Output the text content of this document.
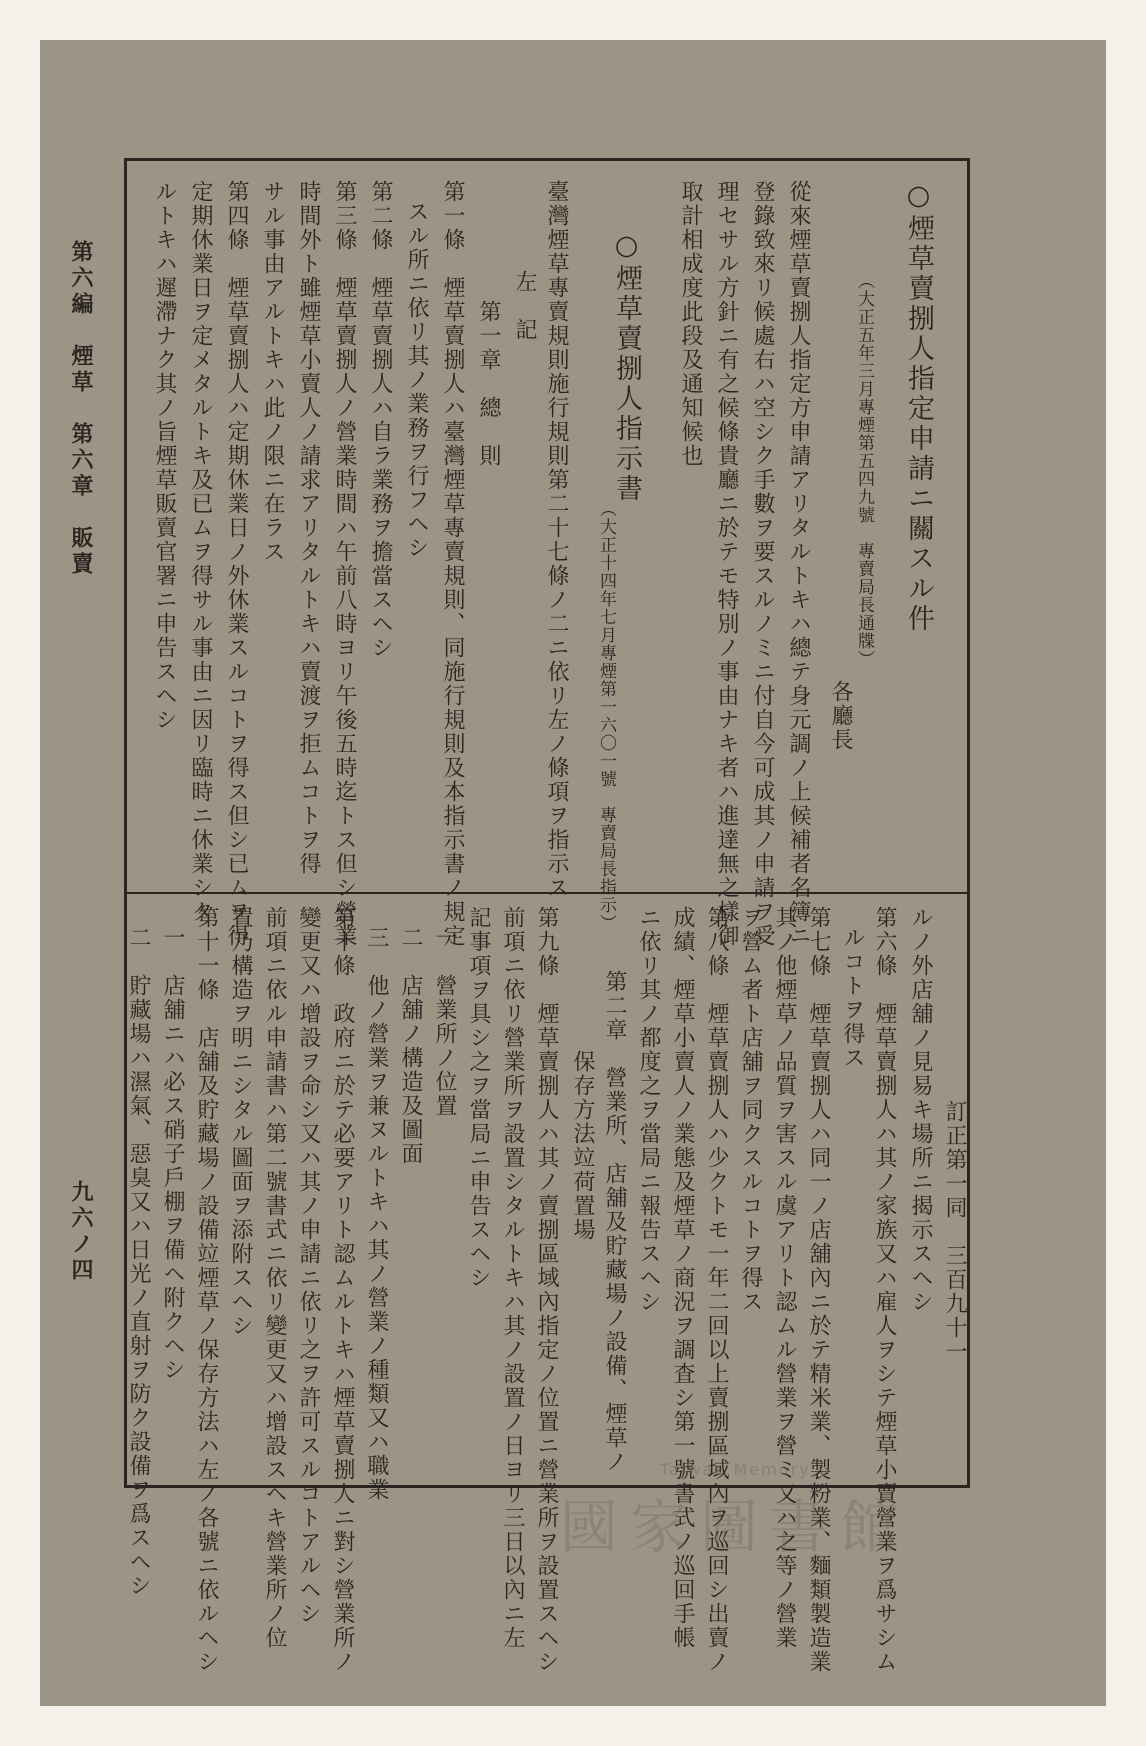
訂正第一同　三百九十一
○煙草賣捌人指定申請ニ關スル件
（大正五年三月專煙第五四九號　專賣局長通牒）
各廳長
從來煙草賣捌人指定方申請アリタルトキハ總テ身元調ノ上候補者名簿ニ
登錄致來リ候處右ハ空シク手數ヲ要スルノミニ付自今可成其ノ申請ヲ受
理セサル方針ニ有之候條貴廳ニ於テモ特別ノ事由ナキ者ハ進達無之樣御
取計相成度此段及通知候也
○煙草賣捌人指示書
（大正十四年七月專煙第一六〇一號　專賣局長指示）
臺灣煙草專賣規則施行規則第二十七條ノ二ニ依リ左ノ條項ヲ指示ス
左　記
第一章　總　則
第一條　煙草賣捌人ハ臺灣煙草專賣規則、同施行規則及本指示書ノ規定
スル所ニ依リ其ノ業務ヲ行フヘシ
第二條　煙草賣捌人ハ自ラ業務ヲ擔當スヘシ
第三條　煙草賣捌人ノ營業時間ハ午前八時ヨリ午後五時迄トス但シ營業
時間外ト雖煙草小賣人ノ請求アリタルトキハ賣渡ヲ拒ムコトヲ得
サル事由アルトキハ此ノ限ニ在ラス
第四條　煙草賣捌人ハ定期休業日ノ外休業スルコトヲ得ス但シ已ムヲ得
定期休業日ヲ定メタルトキ及已ムヲ得サル事由ニ因リ臨時ニ休業シタ
ルトキハ遲滯ナク其ノ旨煙草販賣官署ニ申告スヘシ
ルノ外店舖ノ見易キ場所ニ揭示スヘシ
第六條　煙草賣捌人ハ其ノ家族又ハ雇人ヲシテ煙草小賣營業ヲ爲サシム
ルコトヲ得ス
第七條　煙草賣捌人ハ同一ノ店舖內ニ於テ精米業、製粉業、麵類製造業
其ノ他煙草ノ品質ヲ害スル虞アリト認ムル營業ヲ營ミ又ハ之等ノ營業
ヲ營ム者ト店舖ヲ同クスルコトヲ得ス
第八條　煙草賣捌人ハ少クトモ一年二回以上賣捌區域內ヲ巡回シ出賣ノ
成績、煙草小賣人ノ業態及煙草ノ商況ヲ調査シ第一號書式ノ巡回手帳
ニ依リ其ノ都度之ヲ當局ニ報告スヘシ
第二章　營業所、店舖及貯藏場ノ設備、煙草ノ
保存方法竝荷置場
第九條　煙草賣捌人ハ其ノ賣捌區域內指定ノ位置ニ營業所ヲ設置スヘシ
前項ニ依リ營業所ヲ設置シタルトキハ其ノ設置ノ日ヨリ三日以內ニ左
記事項ヲ具シ之ヲ當局ニ申告スヘシ
一　營業所ノ位置
二　店舖ノ構造及圖面
三　他ノ營業ヲ兼ヌルトキハ其ノ營業ノ種類又ハ職業
第十條　政府ニ於テ必要アリト認ムルトキハ煙草賣捌人ニ對シ營業所ノ
變更又ハ增設ヲ命シ又ハ其ノ申請ニ依リ之ヲ許可スルコトアルヘシ
前項ニ依ル申請書ハ第二號書式ニ依リ變更又ハ增設スヘキ營業所ノ位
置乃構造ヲ明ニシタル圖面ヲ添附スヘシ
第十一條　店舖及貯藏場ノ設備竝煙草ノ保存方法ハ左ノ各號ニ依ルヘシ
一　店舖ニハ必ス硝子戶棚ヲ備ヘ附クヘシ
二　貯藏場ハ濕氣、惡臭又ハ日光ノ直射ヲ防ク設備ヲ爲スヘシ
第六編　煙草　第六章　販賣
九六ノ四
國家圖書館
Taiwan Memory
